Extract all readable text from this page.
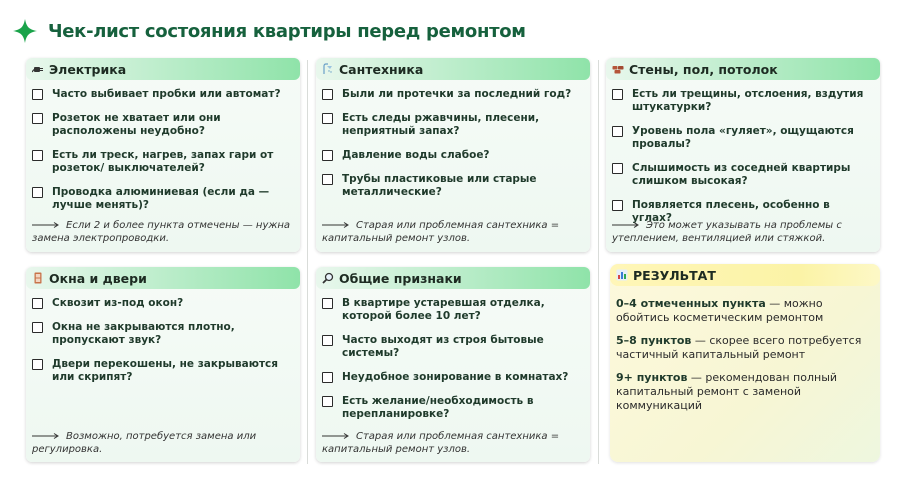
Чек-лист состояния квартиры перед ремонтом
Электрика
Часто выбивает пробки или автомат?
Розеток не хватает или они расположены неудобно?
Есть ли треск, нагрев, запах гари от розеток/ выключателей?
Проводка алюминиевая (если да — лучше менять)?
Если 2 и более пункта отмечены — нужна замена электропроводки.
Сантехника
Были ли протечки за последний год?
Есть следы ржавчины, плесени, неприятный запах?
Давление воды слабое?
Трубы пластиковые или старые металлические?
Старая или проблемная сантехника = капитальный ремонт узлов.
Стены, пол, потолок
Есть ли трещины, отслоения, вздутия штукатурки?
Уровень пола «гуляет», ощущаются провалы?
Слышимость из соседней квартиры слишком высокая?
Появляется плесень, особенно в углах?
Это может указывать на проблемы с утеплением, вентиляцией или стяжкой.
Окна и двери
Сквозит из-под окон?
Окна не закрываются плотно, пропускают звук?
Двери перекошены, не закрываются или скрипят?
Возможно, потребуется замена или регулировка.
Общие признаки
В квартире устаревшая отделка, которой более 10 лет?
Часто выходят из строя бытовые системы?
Неудобное зонирование в комнатах?
Есть желание/необходимость в перепланировке?
Старая или проблемная сантехника = капитальный ремонт узлов.
РЕЗУЛЬТАТ
0–4 отмеченных пункта — можно обойтись косметическим ремонтом
5–8 пунктов — скорее всего потребуется частичный капитальный ремонт
9+ пунктов — рекомендован полный капитальный ремонт с заменой коммуникаций
